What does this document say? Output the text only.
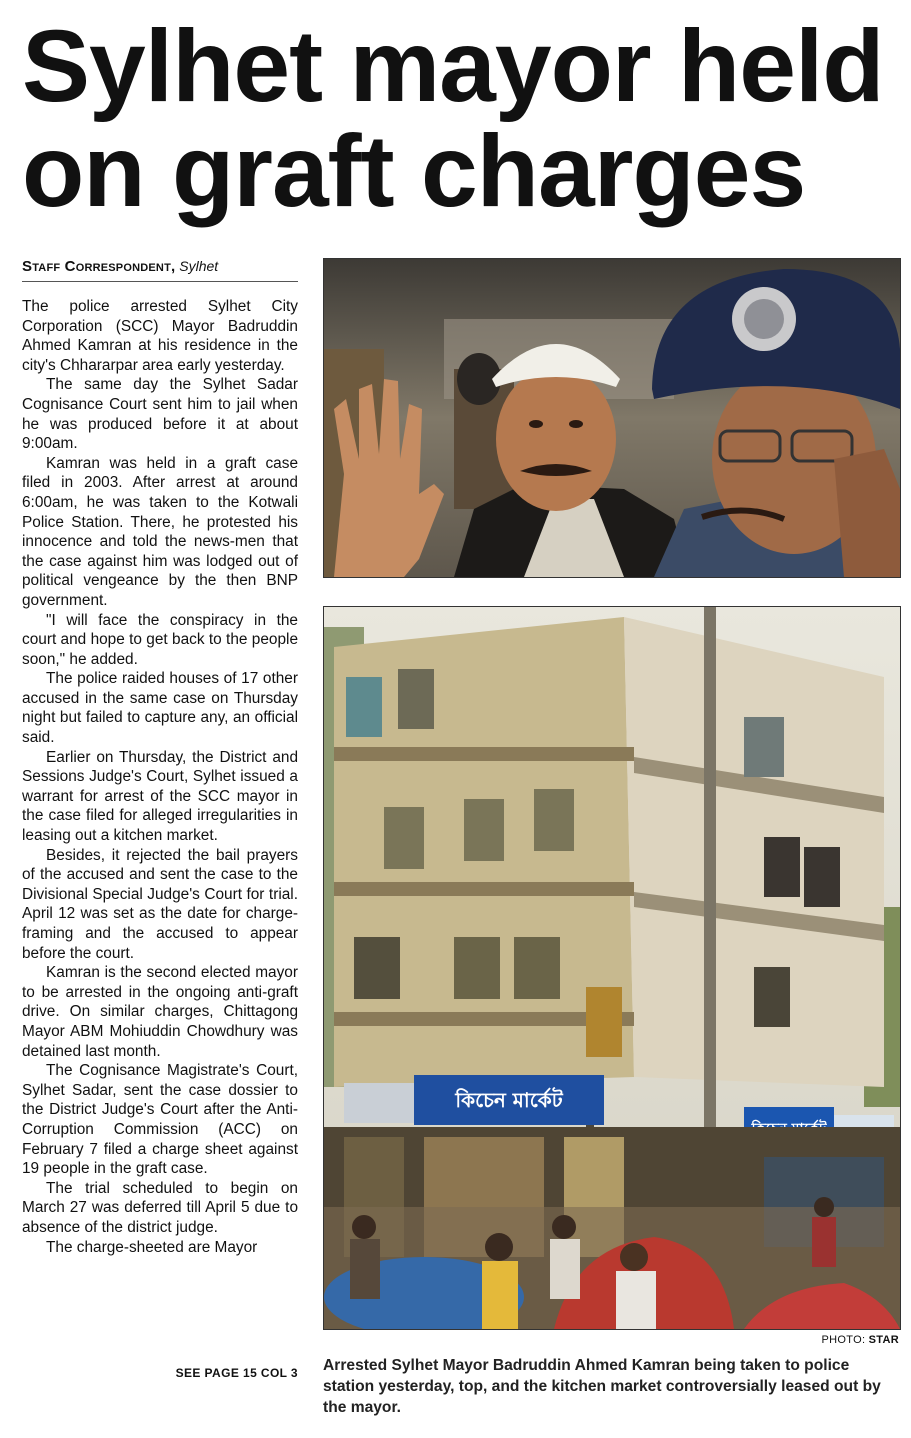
Sylhet mayor held on graft charges
Staff Correspondent, Sylhet

The police arrested Sylhet City Corporation (SCC) Mayor Badruddin Ahmed Kamran at his residence in the city's Chhararpar area early yesterday.

The same day the Sylhet Sadar Cognisance Court sent him to jail when he was produced before it at about 9:00am.

Kamran was held in a graft case filed in 2003. After arrest at around 6:00am, he was taken to the Kotwali Police Station. There, he protested his innocence and told the news-men that the case against him was lodged out of political vengeance by the then BNP government.

"I will face the conspiracy in the court and hope to get back to the people soon," he added.

The police raided houses of 17 other accused in the same case on Thursday night but failed to capture any, an official said.

Earlier on Thursday, the District and Sessions Judge's Court, Sylhet issued a warrant for arrest of the SCC mayor in the case filed for alleged irregularities in leasing out a kitchen market.

Besides, it rejected the bail prayers of the accused and sent the case to the Divisional Special Judge's Court for trial. April 12 was set as the date for charge-framing and the accused to appear before the court.

Kamran is the second elected mayor to be arrested in the ongoing anti-graft drive. On similar charges, Chittagong Mayor ABM Mohiuddin Chowdhury was detained last month.

The Cognisance Magistrate's Court, Sylhet Sadar, sent the case dossier to the District Judge's Court after the Anti-Corruption Commission (ACC) on February 7 filed a charge sheet against 19 people in the graft case.

The trial scheduled to begin on March 27 was deferred till April 5 due to absence of the district judge.

The charge-sheeted are Mayor

SEE PAGE 15 COL 3
কিচেন মার্কেট
PHOTO: STAR
Arrested Sylhet Mayor Badruddin Ahmed Kamran being taken to police station yesterday, top, and the kitchen market controversially leased out by the mayor.
